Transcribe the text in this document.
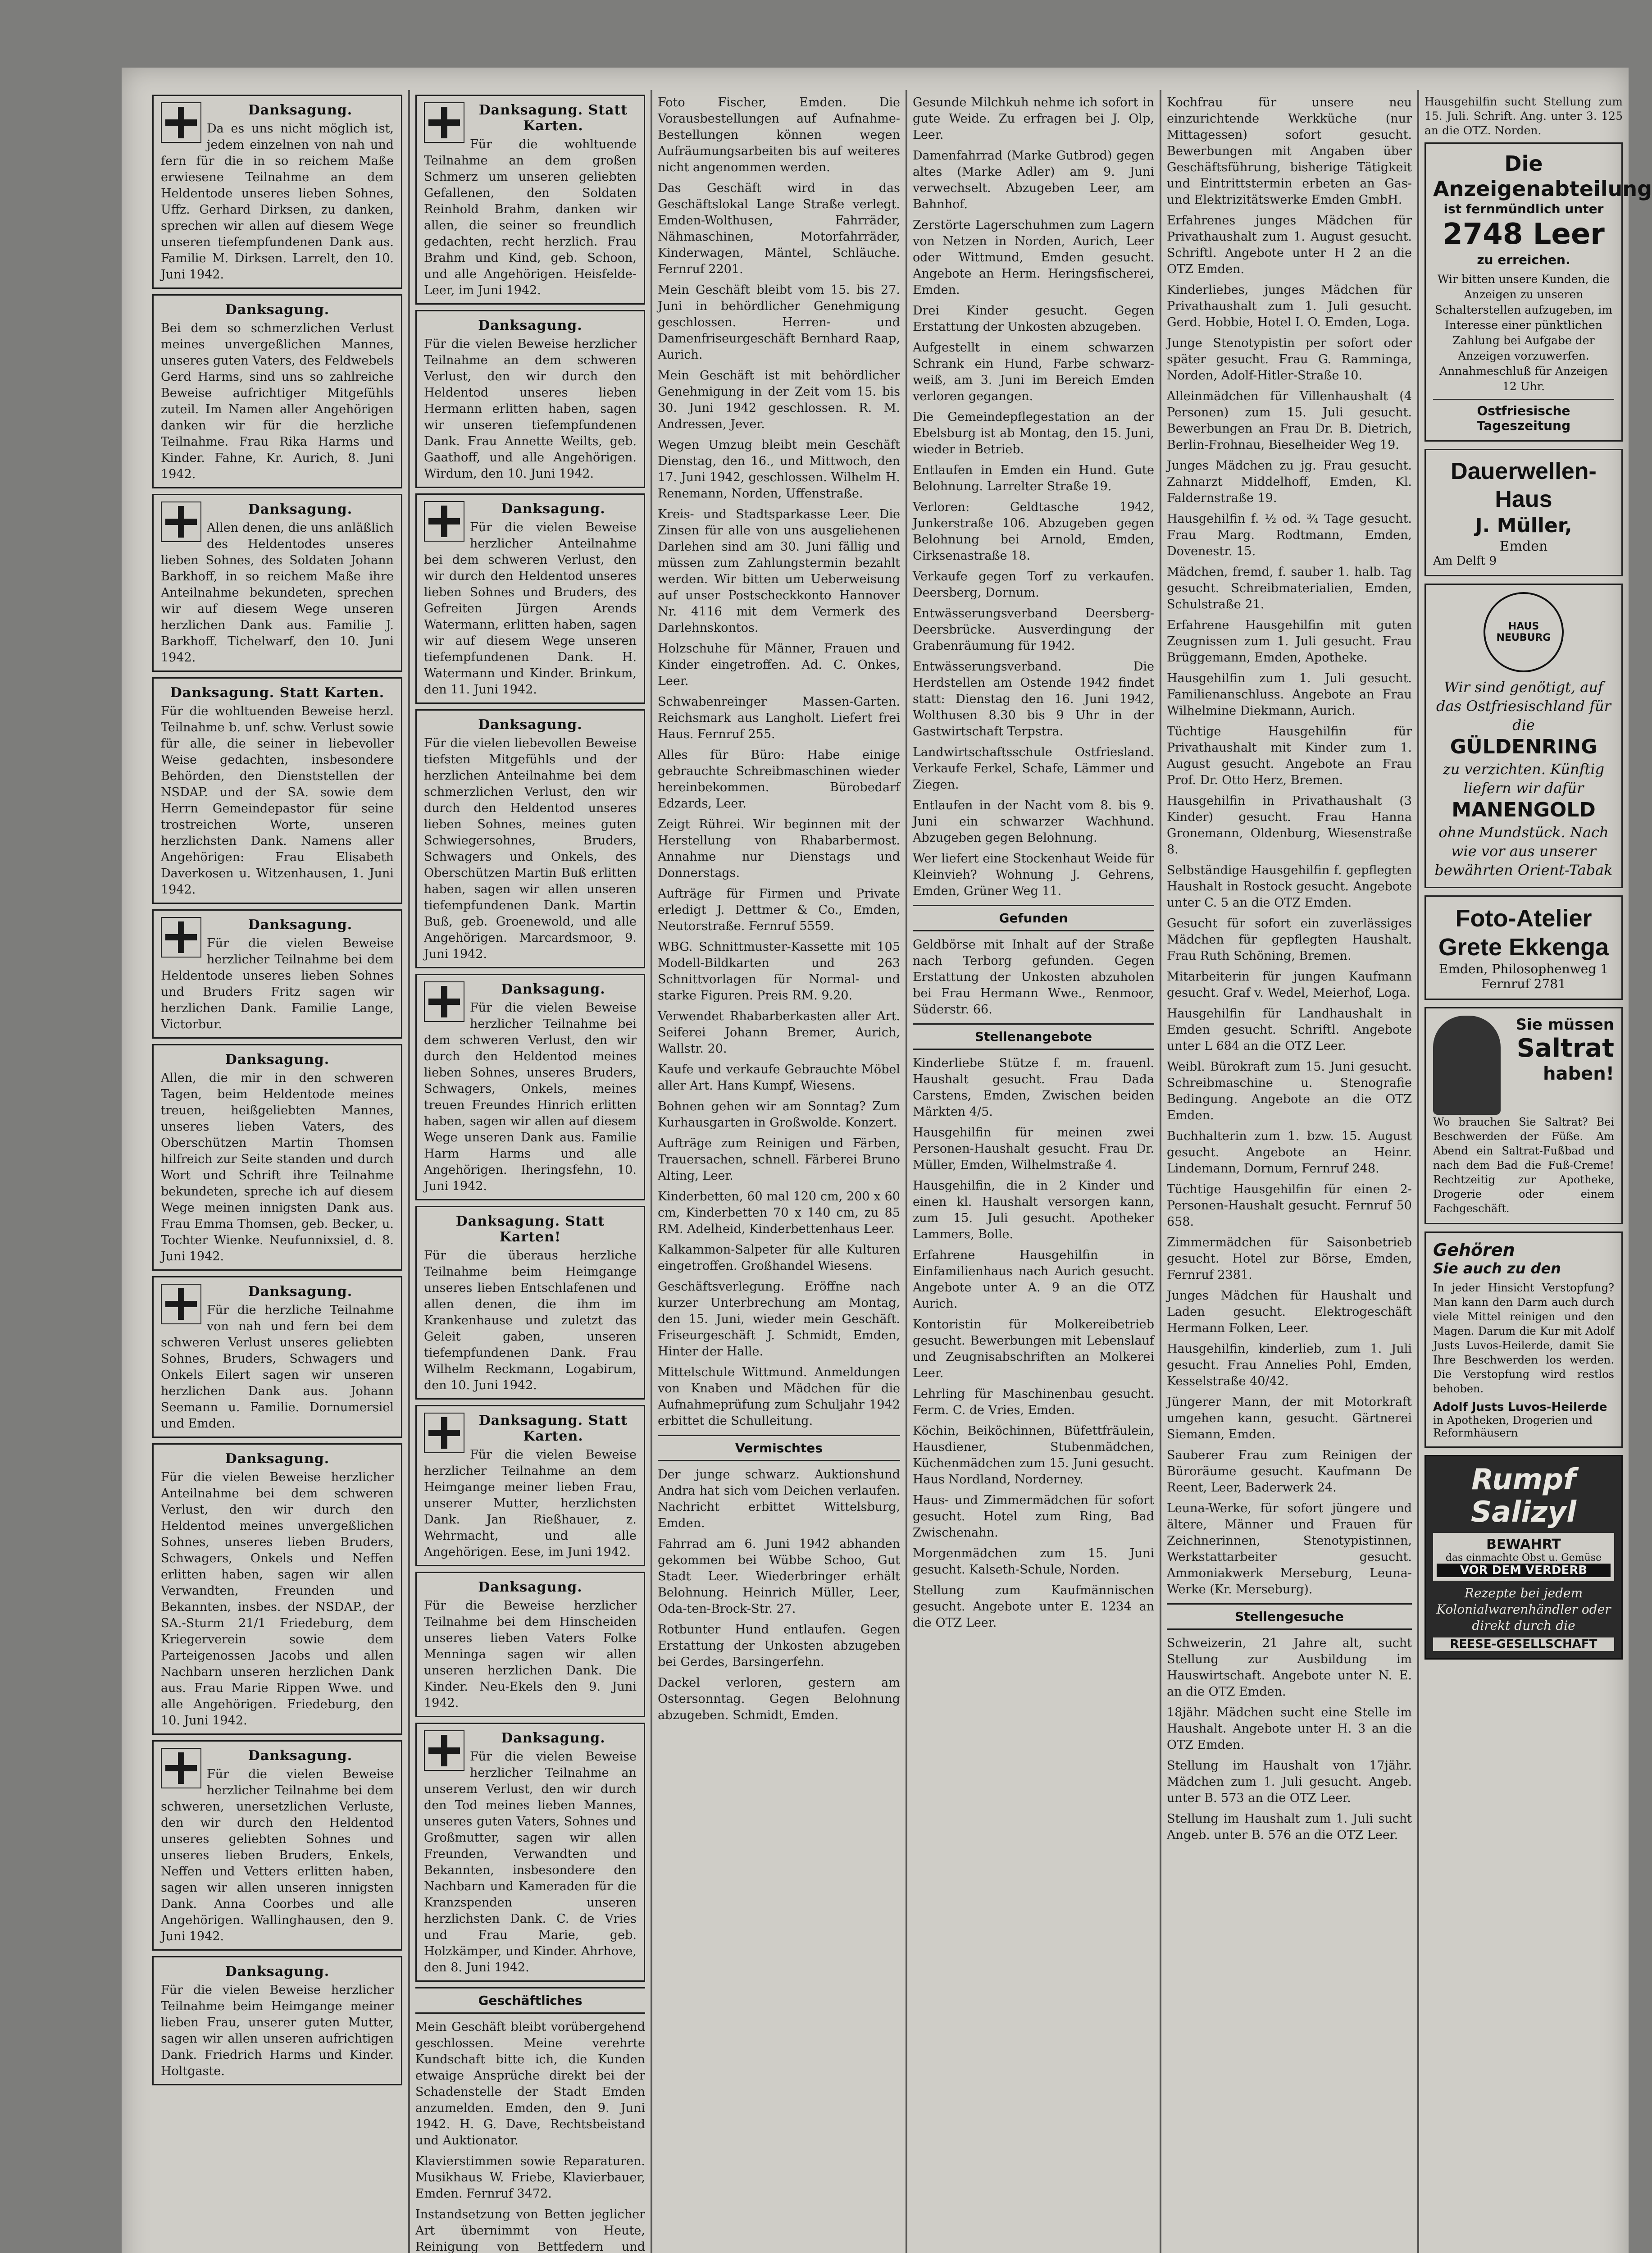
Danksagung.
Da es uns nicht möglich ist, jedem einzelnen von nah und fern für die in so reichem Maße erwiesene Teilnahme an dem Heldentode unseres lieben Sohnes, Uffz. Gerhard Dirksen, zu danken, sprechen wir allen auf diesem Wege unseren tiefempfundenen Dank aus. Familie M. Dirksen. Larrelt, den 10. Juni 1942.
Danksagung.
Bei dem so schmerzlichen Verlust meines unvergeßlichen Mannes, unseres guten Vaters, des Feldwebels Gerd Harms, sind uns so zahlreiche Beweise aufrichtiger Mitgefühls zuteil. Im Namen aller Angehörigen danken wir für die herzliche Teilnahme. Frau Rika Harms und Kinder. Fahne, Kr. Aurich, 8. Juni 1942.
Danksagung.
Allen denen, die uns anläßlich des Heldentodes unseres lieben Sohnes, des Soldaten Johann Barkhoff, in so reichem Maße ihre Anteilnahme bekundeten, sprechen wir auf diesem Wege unseren herzlichen Dank aus. Familie J. Barkhoff. Tichelwarf, den 10. Juni 1942.
Danksagung. Statt Karten.
Für die wohltuenden Beweise herzl. Teilnahme b. unf. schw. Verlust sowie für alle, die seiner in liebevoller Weise gedachten, insbesondere Behörden, den Dienststellen der NSDAP. und der SA. sowie dem Herrn Gemeindepastor für seine trostreichen Worte, unseren herzlichsten Dank. Namens aller Angehörigen: Frau Elisabeth Daverkosen u. Witzenhausen, 1. Juni 1942.
Danksagung.
Für die vielen Beweise herzlicher Teilnahme bei dem Heldentode unseres lieben Sohnes und Bruders Fritz sagen wir herzlichen Dank. Familie Lange, Victorbur.
Danksagung.
Allen, die mir in den schweren Tagen, beim Heldentode meines treuen, heißgeliebten Mannes, unseres lieben Vaters, des Oberschützen Martin Thomsen hilfreich zur Seite standen und durch Wort und Schrift ihre Teilnahme bekundeten, spreche ich auf diesem Wege meinen innigsten Dank aus. Frau Emma Thomsen, geb. Becker, u. Tochter Wienke. Neufunnixsiel, d. 8. Juni 1942.
Danksagung.
Für die herzliche Teilnahme von nah und fern bei dem schweren Verlust unseres geliebten Sohnes, Bruders, Schwagers und Onkels Eilert sagen wir unseren herzlichen Dank aus. Johann Seemann u. Familie. Dornumersiel und Emden.
Danksagung.
Für die vielen Beweise herzlicher Anteilnahme bei dem schweren Verlust, den wir durch den Heldentod meines unvergeßlichen Sohnes, unseres lieben Bruders, Schwagers, Onkels und Neffen erlitten haben, sagen wir allen Verwandten, Freunden und Bekannten, insbes. der NSDAP., der SA.-Sturm 21/1 Friedeburg, dem Kriegerverein sowie dem Parteigenossen Jacobs und allen Nachbarn unseren herzlichen Dank aus. Frau Marie Rippen Wwe. und alle Angehörigen. Friedeburg, den 10. Juni 1942.
Danksagung.
Für die vielen Beweise herzlicher Teilnahme bei dem schweren, unersetzlichen Verluste, den wir durch den Heldentod unseres geliebten Sohnes und unseres lieben Bruders, Enkels, Neffen und Vetters erlitten haben, sagen wir allen unseren innigsten Dank. Anna Coorbes und alle Angehörigen. Wallinghausen, den 9. Juni 1942.
Danksagung.
Für die vielen Beweise herzlicher Teilnahme beim Heimgange meiner lieben Frau, unserer guten Mutter, sagen wir allen unseren aufrichtigen Dank. Friedrich Harms und Kinder. Holtgaste.
Danksagung. Statt Karten.
Für die wohltuende Teilnahme an dem großen Schmerz um unseren geliebten Gefallenen, den Soldaten Reinhold Brahm, danken wir allen, die seiner so freundlich gedachten, recht herzlich. Frau Brahm und Kind, geb. Schoon, und alle Angehörigen. Heisfelde-Leer, im Juni 1942.
Danksagung.
Für die vielen Beweise herzlicher Teilnahme an dem schweren Verlust, den wir durch den Heldentod unseres lieben Hermann erlitten haben, sagen wir unseren tiefempfundenen Dank. Frau Annette Weilts, geb. Gaathoff, und alle Angehörigen. Wirdum, den 10. Juni 1942.
Danksagung.
Für die vielen Beweise herzlicher Anteilnahme bei dem schweren Verlust, den wir durch den Heldentod unseres lieben Sohnes und Bruders, des Gefreiten Jürgen Arends Watermann, erlitten haben, sagen wir auf diesem Wege unseren tiefempfundenen Dank. H. Watermann und Kinder. Brinkum, den 11. Juni 1942.
Danksagung.
Für die vielen liebevollen Beweise tiefsten Mitgefühls und der herzlichen Anteilnahme bei dem schmerzlichen Verlust, den wir durch den Heldentod unseres lieben Sohnes, meines guten Schwiegersohnes, Bruders, Schwagers und Onkels, des Oberschützen Martin Buß erlitten haben, sagen wir allen unseren tiefempfundenen Dank. Martin Buß, geb. Groenewold, und alle Angehörigen. Marcardsmoor, 9. Juni 1942.
Danksagung.
Für die vielen Beweise herzlicher Teilnahme bei dem schweren Verlust, den wir durch den Heldentod meines lieben Sohnes, unseres Bruders, Schwagers, Onkels, meines treuen Freundes Hinrich erlitten haben, sagen wir allen auf diesem Wege unseren Dank aus. Familie Harm Harms und alle Angehörigen. Iheringsfehn, 10. Juni 1942.
Danksagung. Statt Karten!
Für die überaus herzliche Teilnahme beim Heimgange unseres lieben Entschlafenen und allen denen, die ihm im Krankenhause und zuletzt das Geleit gaben, unseren tiefempfundenen Dank. Frau Wilhelm Reckmann, Logabirum, den 10. Juni 1942.
Danksagung. Statt Karten.
Für die vielen Beweise herzlicher Teilnahme an dem Heimgange meiner lieben Frau, unserer Mutter, herzlichsten Dank. Jan Rießhauer, z. Wehrmacht, und alle Angehörigen. Eese, im Juni 1942.
Danksagung.
Für die Beweise herzlicher Teilnahme bei dem Hinscheiden unseres lieben Vaters Folke Menninga sagen wir allen unseren herzlichen Dank. Die Kinder. Neu-Ekels den 9. Juni 1942.
Danksagung.
Für die vielen Beweise herzlicher Teilnahme an unserem Verlust, den wir durch den Tod meines lieben Mannes, unseres guten Vaters, Sohnes und Großmutter, sagen wir allen Freunden, Verwandten und Bekannten, insbesondere den Nachbarn und Kameraden für die Kranzspenden unseren herzlichsten Dank. C. de Vries und Frau Marie, geb. Holzkämper, und Kinder. Ahrhove, den 8. Juni 1942.
Geschäftliches
Mein Geschäft bleibt vorübergehend geschlossen. Meine verehrte Kundschaft bitte ich, die Kunden etwaige Ansprüche direkt bei der Schadenstelle der Stadt Emden anzumelden. Emden, den 9. Juni 1942. H. G. Dave, Rechtsbeistand und Auktionator.
Klavierstimmen sowie Reparaturen. Musikhaus W. Friebe, Klavierbauer, Emden. Fernruf 3472.
Instandsetzung von Betten jeglicher Art übernimmt von Heute, Reinigung von Bettfedern und
Foto Fischer, Emden. Die Vorausbestellungen auf Aufnahme-Bestellungen können wegen Aufräumungsarbeiten bis auf weiteres nicht angenommen werden.
Das Geschäft wird in das Geschäftslokal Lange Straße verlegt. Emden-Wolthusen, Fahrräder, Nähmaschinen, Motorfahrräder, Kinderwagen, Mäntel, Schläuche. Fernruf 2201.
Mein Geschäft bleibt vom 15. bis 27. Juni in behördlicher Genehmigung geschlossen. Herren- und Damenfriseurgeschäft Bernhard Raap, Aurich.
Mein Geschäft ist mit behördlicher Genehmigung in der Zeit vom 15. bis 30. Juni 1942 geschlossen. R. M. Andressen, Jever.
Wegen Umzug bleibt mein Geschäft Dienstag, den 16., und Mittwoch, den 17. Juni 1942, geschlossen. Wilhelm H. Renemann, Norden, Uffenstraße.
Kreis- und Stadtsparkasse Leer. Die Zinsen für alle von uns ausgeliehenen Darlehen sind am 30. Juni fällig und müssen zum Zahlungstermin bezahlt werden. Wir bitten um Ueberweisung auf unser Postscheckkonto Hannover Nr. 4116 mit dem Vermerk des Darlehnskontos.
Holzschuhe für Männer, Frauen und Kinder eingetroffen. Ad. C. Onkes, Leer.
Schwabenreinger Massen-Garten. Reichsmark aus Langholt. Liefert frei Haus. Fernruf 255.
Alles für Büro: Habe einige gebrauchte Schreibmaschinen wieder hereinbekommen. Bürobedarf Edzards, Leer.
Zeigt Rührei. Wir beginnen mit der Herstellung von Rhabarbermost. Annahme nur Dienstags und Donnerstags.
Aufträge für Firmen und Private erledigt J. Dettmer & Co., Emden, Neutorstraße. Fernruf 5559.
WBG. Schnittmuster-Kassette mit 105 Modell-Bildkarten und 263 Schnittvorlagen für Normal- und starke Figuren. Preis RM. 9.20.
Verwendet Rhabarberkasten aller Art. Seiferei Johann Bremer, Aurich, Wallstr. 20.
Kaufe und verkaufe Gebrauchte Möbel aller Art. Hans Kumpf, Wiesens.
Bohnen gehen wir am Sonntag? Zum Kurhausgarten in Großwolde. Konzert.
Aufträge zum Reinigen und Färben, Trauersachen, schnell. Färberei Bruno Alting, Leer.
Kinderbetten, 60 mal 120 cm, 200 x 60 cm, Kinderbetten 70 x 140 cm, zu 85 RM. Adelheid, Kinderbettenhaus Leer.
Kalkammon-Salpeter für alle Kulturen eingetroffen. Großhandel Wiesens.
Geschäftsverlegung. Eröffne nach kurzer Unterbrechung am Montag, den 15. Juni, wieder mein Geschäft. Friseurgeschäft J. Schmidt, Emden, Hinter der Halle.
Mittelschule Wittmund. Anmeldungen von Knaben und Mädchen für die Aufnahmeprüfung zum Schuljahr 1942 erbittet die Schulleitung.
Vermischtes
Der junge schwarz. Auktionshund Andra hat sich vom Deichen verlaufen. Nachricht erbittet Wittelsburg, Emden.
Fahrrad am 6. Juni 1942 abhanden gekommen bei Wübbe Schoo, Gut Stadt Leer. Wiederbringer erhält Belohnung. Heinrich Müller, Leer, Oda-ten-Brock-Str. 27.
Rotbunter Hund entlaufen. Gegen Erstattung der Unkosten abzugeben bei Gerdes, Barsingerfehn.
Dackel verloren, gestern am Ostersonntag. Gegen Belohnung abzugeben. Schmidt, Emden.
Gesunde Milchkuh nehme ich sofort in gute Weide. Zu erfragen bei J. Olp, Leer.
Damenfahrrad (Marke Gutbrod) gegen altes (Marke Adler) am 9. Juni verwechselt. Abzugeben Leer, am Bahnhof.
Zerstörte Lagerschuhmen zum Lagern von Netzen in Norden, Aurich, Leer oder Wittmund, Emden gesucht. Angebote an Herm. Heringsfischerei, Emden.
Drei Kinder gesucht. Gegen Erstattung der Unkosten abzugeben.
Aufgestellt in einem schwarzen Schrank ein Hund, Farbe schwarz-weiß, am 3. Juni im Bereich Emden verloren gegangen.
Die Gemeindepflegestation an der Ebelsburg ist ab Montag, den 15. Juni, wieder in Betrieb.
Entlaufen in Emden ein Hund. Gute Belohnung. Larrelter Straße 19.
Verloren: Geldtasche 1942, Junkerstraße 106. Abzugeben gegen Belohnung bei Arnold, Emden, Cirksenastraße 18.
Verkaufe gegen Torf zu verkaufen. Deersberg, Dornum.
Entwässerungsverband Deersberg-Deersbrücke. Ausverdingung der Grabenräumung für 1942.
Entwässerungsverband. Die Herdstellen am Ostende 1942 findet statt: Dienstag den 16. Juni 1942, Wolthusen 8.30 bis 9 Uhr in der Gastwirtschaft Terpstra.
Landwirtschaftsschule Ostfriesland. Verkaufe Ferkel, Schafe, Lämmer und Ziegen.
Entlaufen in der Nacht vom 8. bis 9. Juni ein schwarzer Wachhund. Abzugeben gegen Belohnung.
Wer liefert eine Stockenhaut Weide für Kleinvieh? Wohnung J. Gehrens, Emden, Grüner Weg 11.
Gefunden
Geldbörse mit Inhalt auf der Straße nach Terborg gefunden. Gegen Erstattung der Unkosten abzuholen bei Frau Hermann Wwe., Renmoor, Süderstr. 66.
Stellenangebote
Kinderliebe Stütze f. m. frauenl. Haushalt gesucht. Frau Dada Carstens, Emden, Zwischen beiden Märkten 4/5.
Hausgehilfin für meinen zwei Personen-Haushalt gesucht. Frau Dr. Müller, Emden, Wilhelmstraße 4.
Hausgehilfin, die in 2 Kinder und einen kl. Haushalt versorgen kann, zum 15. Juli gesucht. Apotheker Lammers, Bolle.
Erfahrene Hausgehilfin in Einfamilienhaus nach Aurich gesucht. Angebote unter A. 9 an die OTZ Aurich.
Kontoristin für Molkereibetrieb gesucht. Bewerbungen mit Lebenslauf und Zeugnisabschriften an Molkerei Leer.
Lehrling für Maschinenbau gesucht. Ferm. C. de Vries, Emden.
Köchin, Beiköchinnen, Büfettfräulein, Hausdiener, Stubenmädchen, Küchenmädchen zum 15. Juni gesucht. Haus Nordland, Norderney.
Haus- und Zimmermädchen für sofort gesucht. Hotel zum Ring, Bad Zwischenahn.
Morgenmädchen zum 15. Juni gesucht. Kalseth-Schule, Norden.
Stellung zum Kaufmännischen gesucht. Angebote unter E. 1234 an die OTZ Leer.
Kochfrau für unsere neu einzurichtende Werkküche (nur Mittagessen) sofort gesucht. Bewerbungen mit Angaben über Geschäftsführung, bisherige Tätigkeit und Eintrittstermin erbeten an Gas- und Elektrizitätswerke Emden GmbH.
Erfahrenes junges Mädchen für Privathaushalt zum 1. August gesucht. Schriftl. Angebote unter H 2 an die OTZ Emden.
Kinderliebes, junges Mädchen für Privathaushalt zum 1. Juli gesucht. Gerd. Hobbie, Hotel I. O. Emden, Loga.
Junge Stenotypistin per sofort oder später gesucht. Frau G. Ramminga, Norden, Adolf-Hitler-Straße 10.
Alleinmädchen für Villenhaushalt (4 Personen) zum 15. Juli gesucht. Bewerbungen an Frau Dr. B. Dietrich, Berlin-Frohnau, Bieselheider Weg 19.
Junges Mädchen zu jg. Frau gesucht. Zahnarzt Middelhoff, Emden, Kl. Faldernstraße 19.
Hausgehilfin f. ½ od. ¾ Tage gesucht. Frau Marg. Rodtmann, Emden, Dovenestr. 15.
Mädchen, fremd, f. sauber 1. halb. Tag gesucht. Schreibmaterialien, Emden, Schulstraße 21.
Erfahrene Hausgehilfin mit guten Zeugnissen zum 1. Juli gesucht. Frau Brüggemann, Emden, Apotheke.
Hausgehilfin zum 1. Juli gesucht. Familienanschluss. Angebote an Frau Wilhelmine Diekmann, Aurich.
Tüchtige Hausgehilfin für Privathaushalt mit Kinder zum 1. August gesucht. Angebote an Frau Prof. Dr. Otto Herz, Bremen.
Hausgehilfin in Privathaushalt (3 Kinder) gesucht. Frau Hanna Gronemann, Oldenburg, Wiesenstraße 8.
Selbständige Hausgehilfin f. gepflegten Haushalt in Rostock gesucht. Angebote unter C. 5 an die OTZ Emden.
Gesucht für sofort ein zuverlässiges Mädchen für gepflegten Haushalt. Frau Ruth Schöning, Bremen.
Mitarbeiterin für jungen Kaufmann gesucht. Graf v. Wedel, Meierhof, Loga.
Hausgehilfin für Landhaushalt in Emden gesucht. Schriftl. Angebote unter L 684 an die OTZ Leer.
Weibl. Bürokraft zum 15. Juni gesucht. Schreibmaschine u. Stenografie Bedingung. Angebote an die OTZ Emden.
Buchhalterin zum 1. bzw. 15. August gesucht. Angebote an Heinr. Lindemann, Dornum, Fernruf 248.
Tüchtige Hausgehilfin für einen 2-Personen-Haushalt gesucht. Fernruf 50 658.
Zimmermädchen für Saisonbetrieb gesucht. Hotel zur Börse, Emden, Fernruf 2381.
Junges Mädchen für Haushalt und Laden gesucht. Elektrogeschäft Hermann Folken, Leer.
Hausgehilfin, kinderlieb, zum 1. Juli gesucht. Frau Annelies Pohl, Emden, Kesselstraße 40/42.
Jüngerer Mann, der mit Motorkraft umgehen kann, gesucht. Gärtnerei Siemann, Emden.
Sauberer Frau zum Reinigen der Büroräume gesucht. Kaufmann De Reent, Leer, Baderwerk 24.
Leuna-Werke, für sofort jüngere und ältere, Männer und Frauen für Zeichnerinnen, Stenotypistinnen, Werkstattarbeiter gesucht. Ammoniakwerk Merseburg, Leuna-Werke (Kr. Merseburg).
Stellengesuche
Schweizerin, 21 Jahre alt, sucht Stellung zur Ausbildung im Hauswirtschaft. Angebote unter N. E. an die OTZ Emden.
18jähr. Mädchen sucht eine Stelle im Haushalt. Angebote unter H. 3 an die OTZ Emden.
Stellung im Haushalt von 17jähr. Mädchen zum 1. Juli gesucht. Angeb. unter B. 573 an die OTZ Leer.
Stellung im Haushalt zum 1. Juli sucht Angeb. unter B. 576 an die OTZ Leer.
Hausgehilfin sucht Stellung zum 15. Juli. Schrift. Ang. unter 3. 125 an die OTZ. Norden.
Die Anzeigenabteilung
ist fernmündlich unter
2748 Leer
zu erreichen.
Wir bitten unsere Kunden, die Anzeigen zu unseren Schalterstellen aufzugeben, im Interesse einer pünktlichen Zahlung bei Aufgabe der Anzeigen vorzuwerfen. Annahmeschluß für Anzeigen 12 Uhr.
Ostfriesische Tageszeitung
Dauerwellen-Haus
J. Müller,
Emden
Am Delft 9
HAUS NEUBURG
Wir sind genötigt, auf das Ostfriesischland für die
GÜLDENRING
zu verzichten. Künftig liefern wir dafür
MANENGOLD
ohne Mundstück. Nach wie vor aus unserer bewährten Orient-Tabak
Foto-Atelier
Grete Ekkenga
Emden, Philosophenweg 1
Fernruf 2781
Sie müssen
Saltrat
haben!
Wo brauchen Sie Saltrat? Bei Beschwerden der Füße. Am Abend ein Saltrat-Fußbad und nach dem Bad die Fuß-Creme! Rechtzeitig zur Apotheke, Drogerie oder einem Fachgeschäft.
Gehören
Sie auch zu den
In jeder Hinsicht Verstopfung? Man kann den Darm auch durch viele Mittel reinigen und den Magen. Darum die Kur mit Adolf Justs Luvos-Heilerde, damit Sie Ihre Beschwerden los werden. Die Verstopfung wird restlos behoben.
Adolf Justs Luvos-Heilerde
in Apotheken, Drogerien und Reformhäusern
Rumpf
Salizyl
BEWAHRT
das einmachte Obst u. Gemüse
VOR DEM VERDERB
Rezepte bei jedem Kolonialwarenhändler oder direkt durch die
REESE-GESELLSCHAFT
